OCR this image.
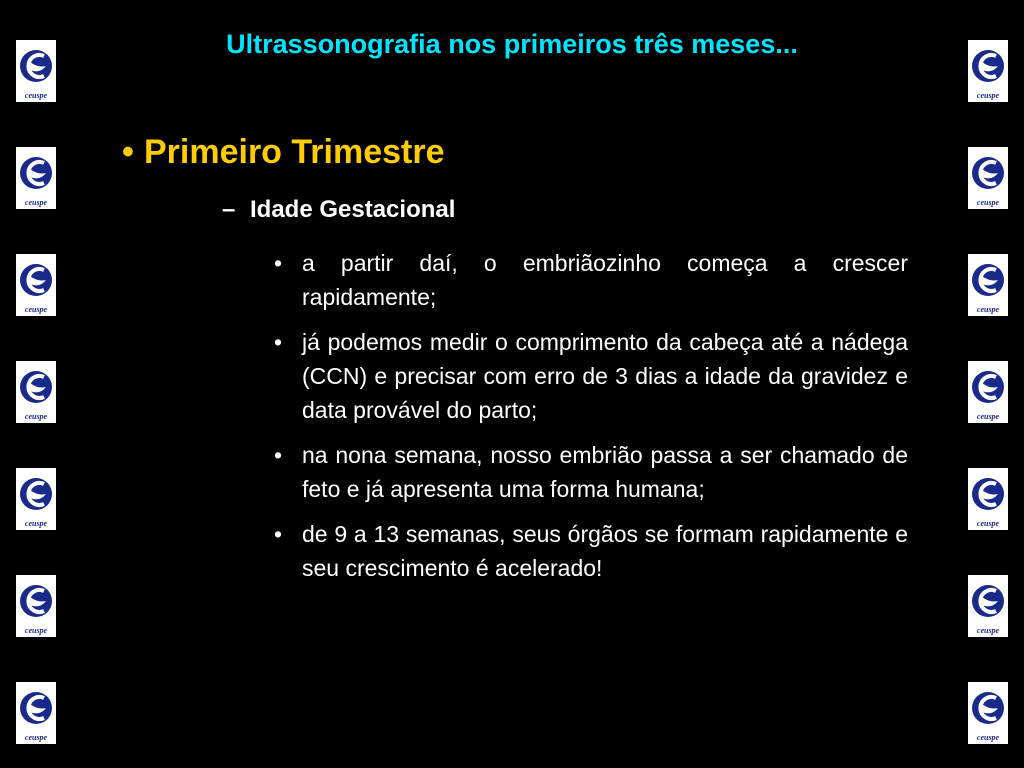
ceuspe
ceuspe
ceuspe
ceuspe
ceuspe
ceuspe
ceuspe
ceuspe
ceuspe
ceuspe
ceuspe
ceuspe
ceuspe
ceuspe
Ultrassonografia nos primeiros três meses...
• Primeiro Trimestre
– Idade Gestacional
• a partir daí, o embriãozinho começa a crescer rapidamente;
• já podemos medir o comprimento da cabeça até a nádega (CCN) e precisar com erro de 3 dias a idade da gravidez e data provável do parto;
• na nona semana, nosso embrião passa a ser chamado de feto e já apresenta uma forma humana;
• de 9 a 13 semanas, seus órgãos se formam rapidamente e seu crescimento é acelerado!
